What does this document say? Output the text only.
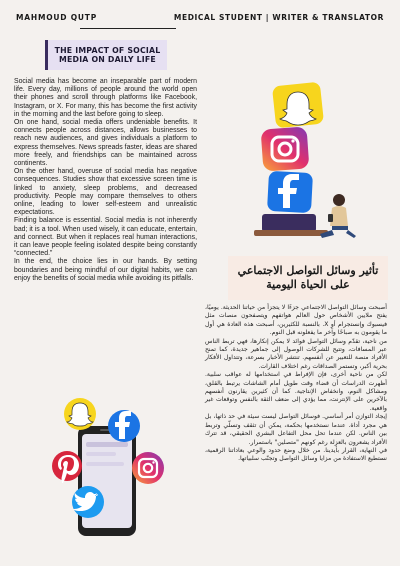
MAHMOUD QUTP	MEDICAL STUDENT | WRITER & TRANSLATOR
THE IMPACT OF SOCIAL MEDIA ON DAILY LIFE

Social media has become an inseparable part of modern life. Every day, millions of people around the world open their phones and scroll through platforms like Facebook, Instagram, or X. For many, this has become the first activity in the morning and the last before going to sleep.

On one hand, social media offers undeniable benefits. It connects people across distances, allows businesses to reach new audiences, and gives individuals a platform to express themselves. News spreads faster, ideas are shared more freely, and friendships can be maintained across continents.

On the other hand, overuse of social media has negative consequences. Studies show that excessive screen time is linked to anxiety, sleep problems, and decreased productivity. People may compare themselves to others online, leading to lower self-esteem and unrealistic expectations.

Finding balance is essential. Social media is not inherently bad; it is a tool. When used wisely, it can educate, entertain, and connect. But when it replaces real human interactions, it can leave people feeling isolated despite being constantly “connected.”

In the end, the choice lies in our hands. By setting boundaries and being mindful of our digital habits, we can enjoy the benefits of social media while avoiding its pitfalls.

تأثير وسائل التواصل الاجتماعي على الحياة اليومية

أصبحت وسائل التواصل الاجتماعي جزءًا لا يتجزأ من حياتنا الحديثة. يوميًا، يفتح ملايين الأشخاص حول العالم هواتفهم ويتصفحون منصات مثل فيسبوك وإنستجرام أو X. بالنسبة للكثيرين، أصبحت هذه العادة هي أول ما يقومون به صباحًا وآخر ما يفعلونه قبل النوم.

من ناحية، تقدّم وسائل التواصل فوائد لا يمكن إنكارها، فهي تربط الناس عبر المسافات، وتتيح للشركات الوصول إلى جماهير جديدة، كما تمنح الأفراد منصة للتعبير عن أنفسهم. تنتشر الأخبار بسرعة، وتتداول الأفكار بحرية أكبر، وتستمر الصداقات رغم اختلاف القارات.

لكن من ناحية أخرى، فإن الإفراط في استخدامها له عواقب سلبية. أظهرت الدراسات أن قضاء وقت طويل أمام الشاشات يرتبط بالقلق، ومشاكل النوم، وانخفاض الإنتاجية. كما أن كثيرين يقارنون أنفسهم بالآخرين على الإنترنت، مما يؤدي إلى ضعف الثقة بالنفس وتوقعات غير واقعية.

إيجاد التوازن أمر أساسي. فوسائل التواصل ليست سيئة في حد ذاتها، بل هي مجرد أداة. عندما نستخدمها بحكمة، يمكن أن تثقف وتسلّي وتربط بين الناس. لكن عندما تحل محل التفاعل البشري الحقيقي، قد تترك الأفراد يشعرون بالعزلة رغم كونهم "متصلين" باستمرار.

في النهاية، القرار بأيدينا. من خلال وضع حدود والوعي بعاداتنا الرقمية، نستطيع الاستفادة من مزايا وسائل التواصل وتجنّب سلبياتها.
